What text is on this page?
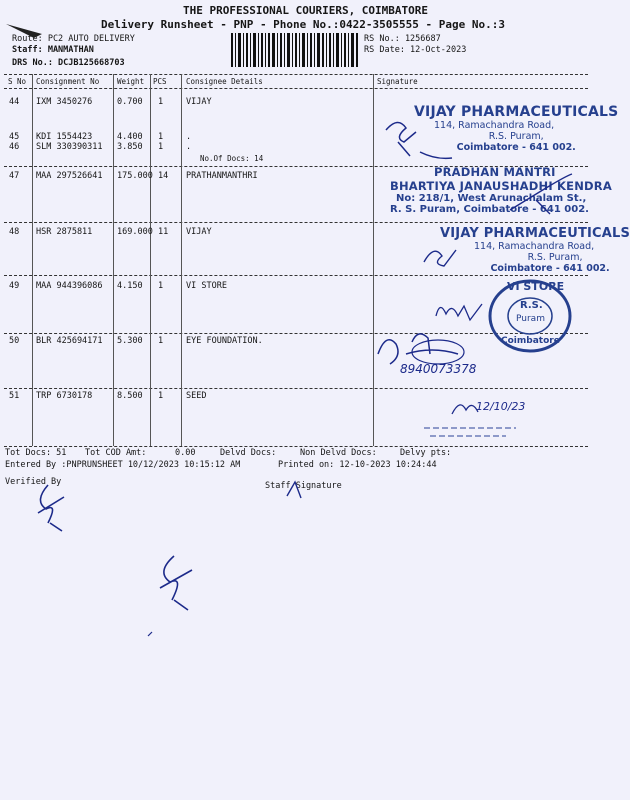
THE PROFESSIONAL COURIERS, COIMBATORE
Delivery Runsheet - PNP - Phone No.:0422-3505555 - Page No.:3
Route: PC2 AUTO DELIVERY
Staff: MANMATHAN
DRS No.: DCJB125668703
RS No.: 1256687
RS Date: 12-Oct-2023
S No Consignment No Weight PCS	Consignee Details	Signature
44 IXM 3450276	0.700 1	VIJAY
45 KDI 1554423	4.400 1	.
46 SLM 330390311 3.850 1	.
No.Of Docs: 14
47 MAA 297526641 175.000 14 PRATHANMANTHRI
48 HSR 2875811	169.000 11 VIJAY
49 MAA 944396086 4.150 1	VI STORE
50 BLR 425694171 5.300 1	EYE FOUNDATION.
51 TRP 6730178	8.500 1	SEED
VIJAY PHARMACEUTICALS
114, Ramachandra Road,
R.S. Puram,
Coimbatore - 641 002.
PRADHAN MANTRI
BHARTIYA JANAUSHADHI KENDRA
No: 218/1, West Arunachalam St.,
R. S. Puram, Coimbatore - 641 002.
VIJAY PHARMACEUTICALS
114, Ramachandra Road,
R.S. Puram,
Coimbatore - 641 002.
VI STORE
R.S.
Puram
Coimbatore
8940073378
12/10/23
Tot Docs: 51 Tot COD Amt:	0.00	Delvd Docs:	Non Delvd Docs:	Delvy pts:
Entered By :PNPRUNSHEET 10/12/2023 10:15:12 AM	Printed on: 12-10-2023 10:24:44
Verified By	Staff Signature
